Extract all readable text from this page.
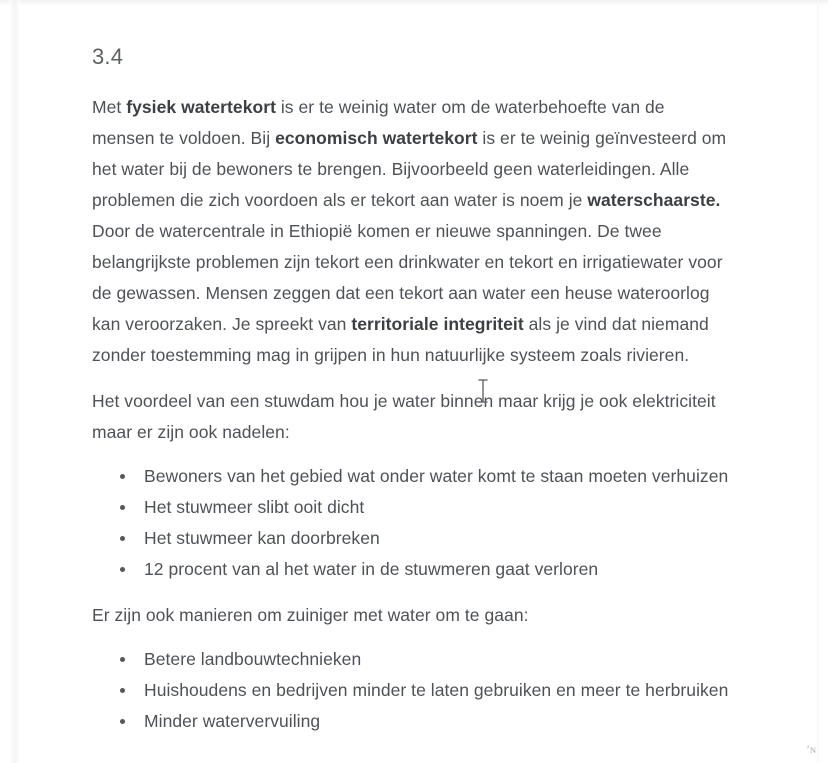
’ɴ
3.4

Met fysiek watertekort is er te weinig water om de waterbehoefte van de mensen te voldoen. Bij economisch watertekort is er te weinig geïnvesteerd om het water bij de bewoners te brengen. Bijvoorbeeld geen waterleidingen. Alle problemen die zich voordoen als er tekort aan water is noem je waterschaarste. Door de watercentrale in Ethiopië komen er nieuwe spanningen. De twee belangrijkste problemen zijn tekort een drinkwater en tekort en irrigatiewater voor de gewassen. Mensen zeggen dat een tekort aan water een heuse wateroorlog kan veroorzaken. Je spreekt van territoriale integriteit als je vind dat niemand zonder toestemming mag in grijpen in hun natuurlijke systeem zoals rivieren.

Het voordeel van een stuwdam hou je water binnen maar krijg je ook elektriciteit maar er zijn ook nadelen:

Bewoners van het gebied wat onder water komt te staan moeten verhuizen
Het stuwmeer slibt ooit dicht
Het stuwmeer kan doorbreken
12 procent van al het water in de stuwmeren gaat verloren

Er zijn ook manieren om zuiniger met water om te gaan:

Betere landbouwtechnieken
Huishoudens en bedrijven minder te laten gebruiken en meer te herbruiken
Minder watervervuiling
